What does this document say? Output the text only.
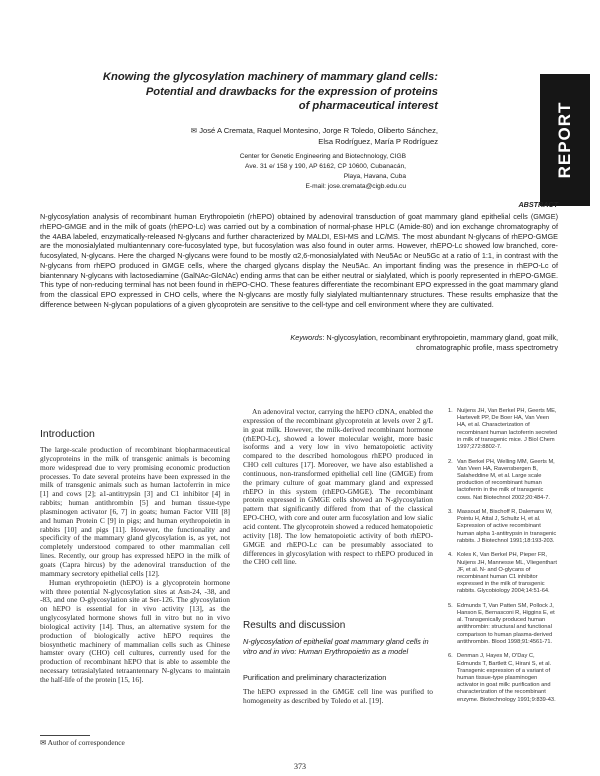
Knowing the glycosylation machinery of mammary gland cells:
Potential and drawbacks for the expression of proteins
of pharmaceutical interest	REPORT
✉ José A Cremata, Raquel Montesino, Jorge R Toledo, Oliberto Sánchez,
Elsa Rodríguez, María P Rodríguez
Center for Genetic Engineering and Biotechnology, CIGB
Ave. 31 e/ 158 y 190, AP 6162, CP 10600, Cubanacán,
Playa, Havana, Cuba
E-mail: jose.cremata@cigb.edu.cu
ABSTRACT
N-glycosylation analysis of recombinant human Erythropoietin (rhEPO) obtained by adenoviral transduction of goat mammary gland epithelial cells (GMGE) rhEPO-GMGE and in the milk of goats (rhEPO-Lc) was carried out by a combination of normal-phase HPLC (Amide-80) and ion exchange chromatography of the 4ABA labeled, enzymatically-released N-glycans and further characterized by MALDI, ESI-MS and LC/MS. The most abundant N-glycans of rhEPO-GMGE are the monosialylated multiantennary core-fucosylated type, but fucosylation was also found in outer arms. However, rhEPO-Lc showed low branched, core-fucosylated, N-glycans. Here the charged N-glycans were found to be mostly α2,6-monosialylated with Neu5Ac or Neu5Gc at a ratio of 1:1, in contrast with the N-glycans from rhEPO produced in GMGE cells, where the charged glycans display the Neu5Ac. An important finding was the presence in rhEPO-Lc of biantennary N-glycans with lactosediamine (GalNAc-GlcNAc) ending arms that can be either neutral or sialylated, which is poorly represented in rhEPO-GMGE. This type of non-reducing terminal has not been found in rhEPO-CHO. These features differentiate the recombinant EPO expressed in the goat mammary gland from the classical EPO expressed in CHO cells, where the N-glycans are mostly fully sialylated multiantennary structures. These results emphasize that the difference between N-glycan populations of a given glycoprotein are sensitive to the cell-type and cell environment where they are cultivated.
Keywords: N-glycosylation, recombinant erythropoietin, mammary gland, goat milk,
chromatographic profile, mass spectrometry
Introduction

The large-scale production of recombinant biopharmaceutical glycoproteins in the milk of transgenic animals is becoming more widespread due to very promising economic production processes. To date several proteins have been expressed in the milk of transgenic animals such as human lactoferrin in mice [1] and cows [2]; a1-antitrypsin [3] and C1 inhibitor [4] in rabbits; human antithrombin [5] and human tissue-type plasminogen activator [6, 7] in goats; human Factor VIII [8] and human Protein C [9] in pigs; and human erythropoietin in rabbits [10] and pigs [11]. However, the functionality and specificity of the mammary gland glycosylation is, as yet, not completely understood compared to other mammalian cell lines. Recently, our group has expressed hEPO in the milk of goats (Capra hircus) by the adenoviral transduction of the mammary secretory epithelial cells [12].

Human erythropoietin (hEPO) is a glycoprotein hormone with three potential N-glycosylation sites at Asn-24, -38, and -83, and one O-glycosylation site at Ser-126. The glycosylation on hEPO is essential for in vivo activity [13], as the unglycosylated hormone shows full in vitro but no in vivo biological activity [14]. Thus, an alternative system for the production of biologically active hEPO requires the biosynthetic machinery of mammalian cells such as Chinese hamster ovary (CHO) cell cultures, currently used for the production of recombinant hEPO that is able to assemble the necessary tetrasialylated tetraantennary N-glycans to maintain the half-life of the protein [15, 16].

An adenoviral vector, carrying the hEPO cDNA, enabled the expression of the recombinant glycoprotein at levels over 2 g/L in goat milk. However, the milk-derived recombinant hormone (rhEPO-Lc), showed a lower molecular weight, more basic isoforms and a very low in vivo hematopoietic activity compared to the described homologous rhEPO produced in CHO cell cultures [17]. Moreover, we have also established a continuous, non-transformed epithelial cell line (GMGE) from the primary culture of goat mammary gland and expressed rhEPO in this system (rhEPO-GMGE). The recombinant protein expressed in GMGE cells showed an N-glycosylation pattern that significantly differed from that of the classical EPO-CHO, with core and outer arm fucosylation and low sialic acid content. The glycoprotein showed a reduced hematopoietic activity [18]. The low hematopoietic activity of both rhEPO-GMGE and rhEPO-Lc can be presumably associated to differences in glycosylation with respect to rhEPO produced in the CHO cell line.

Results and discussion
N-glycosylation of epithelial goat mammary gland cells in vitro and in vivo: Human Erythropoietin as a model
Purification and preliminary characterization
The hEPO expressed in the GMGE cell line was purified to homogeneity as described by Toledo et al. [19].
1. Nuijens JH, Van Berkel PH, Geerts ME, Hartevelt PP, De Boer HA, Van Veen HA, et al. Characterization of recombinant human lactoferrin secreted in milk of transgenic mice. J Biol Chem 1997;272:8802-7.
2. Van Berkel PH, Welling MM, Geerts M, Van Veen HA, Ravensbergen B, Salaheddine M, et al. Large scale production of recombinant human lactoferrin in the milk of transgenic cows. Nat Biotechnol 2002;20:484-7.
3. Massoud M, Bischoff R, Dalemans W, Pointu H, Attal J, Schultz H, et al. Expression of active recombinant human alpha 1-antitrypsin in transgenic rabbits. J Biotechnol 1991;18:193-203.
4. Koles K, Van Berkel PH, Pieper FR, Nuijens JH, Mannesse ML, Vliegenthart JF, et al. N- and O-glycans of recombinant human C1 inhibitor expressed in the milk of transgenic rabbits. Glycobiology 2004;14:51-64.
5. Edmunds T, Van Patten SM, Pollock J, Hanson E, Bernasconi R, Higgins E, et al. Transgenically produced human antithrombin: structural and functional comparison to human plasma-derived antithrombin. Blood 1998;91:4561-71.
6. Denman J, Hayes M, O'Day C, Edmunds T, Bartlett C, Hirani S, et al. Transgenic expression of a variant of human tissue-type plasminogen activator in goat milk: purification and characterization of the recombinant enzyme. Biotechnology 1991;9:839-43.
✉ Author of correspondence
373
